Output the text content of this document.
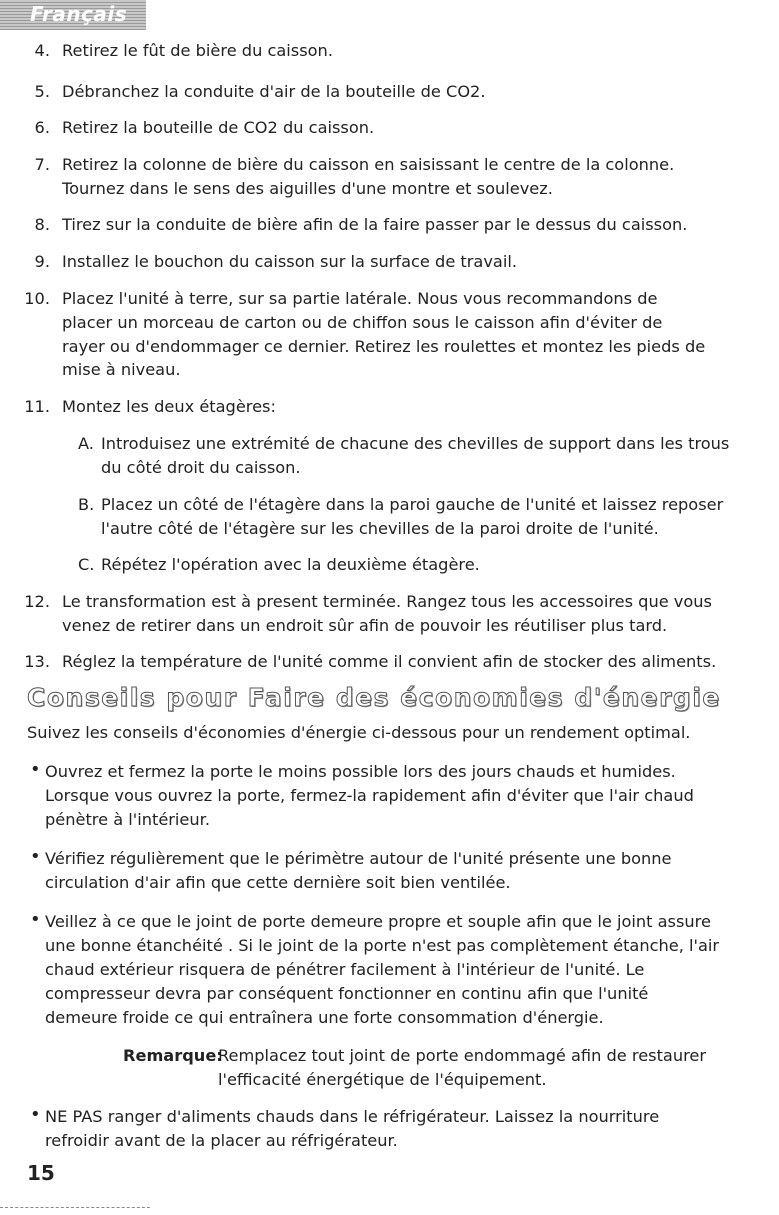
Français
4. Retirez le fût de bière du caisson.
5. Débranchez la conduite d'air de la bouteille de CO2.
6. Retirez la bouteille de CO2 du caisson.
7. Retirez la colonne de bière du caisson en saisissant le centre de la colonne.
Tournez dans le sens des aiguilles d'une montre et soulevez.
8. Tirez sur la conduite de bière afin de la faire passer par le dessus du caisson.
9. Installez le bouchon du caisson sur la surface de travail.
10. Placez l'unité à terre, sur sa partie latérale. Nous vous recommandons de
placer un morceau de carton ou de chiffon sous le caisson afin d'éviter de
rayer ou d'endommager ce dernier. Retirez les roulettes et montez les pieds de
mise à niveau.
11. Montez les deux étagères:
A. Introduisez une extrémité de chacune des chevilles de support dans les trous
du côté droit du caisson.
B. Placez un côté de l'étagère dans la paroi gauche de l'unité et laissez reposer
l'autre côté de l'étagère sur les chevilles de la paroi droite de l'unité.
C. Répétez l'opération avec la deuxième étagère.
12. Le transformation est à present terminée. Rangez tous les accessoires que vous
venez de retirer dans un endroit sûr afin de pouvoir les réutiliser plus tard.
13. Réglez la température de l'unité comme il convient afin de stocker des aliments.
Conseils pour Faire des économies d'énergie
Suivez les conseils d'économies d'énergie ci-dessous pour un rendement optimal.
• Ouvrez et fermez la porte le moins possible lors des jours chauds et humides.
Lorsque vous ouvrez la porte, fermez-la rapidement afin d'éviter que l'air chaud
pénètre à l'intérieur.
• Vérifiez régulièrement que le périmètre autour de l'unité présente une bonne
circulation d'air afin que cette dernière soit bien ventilée.
• Veillez à ce que le joint de porte demeure propre et souple afin que le joint assure
une bonne étanchéité . Si le joint de la porte n'est pas complètement étanche, l'air
chaud extérieur risquera de pénétrer facilement à l'intérieur de l'unité. Le
compresseur devra par conséquent fonctionner en continu afin que l'unité
demeure froide ce qui entraînera une forte consommation d'énergie.
Remarque:
Remplacez tout joint de porte endommagé afin de restaurer
l'efficacité énergétique de l'équipement.
• NE PAS ranger d'aliments chauds dans le réfrigérateur. Laissez la nourriture
refroidir avant de la placer au réfrigérateur.
15
